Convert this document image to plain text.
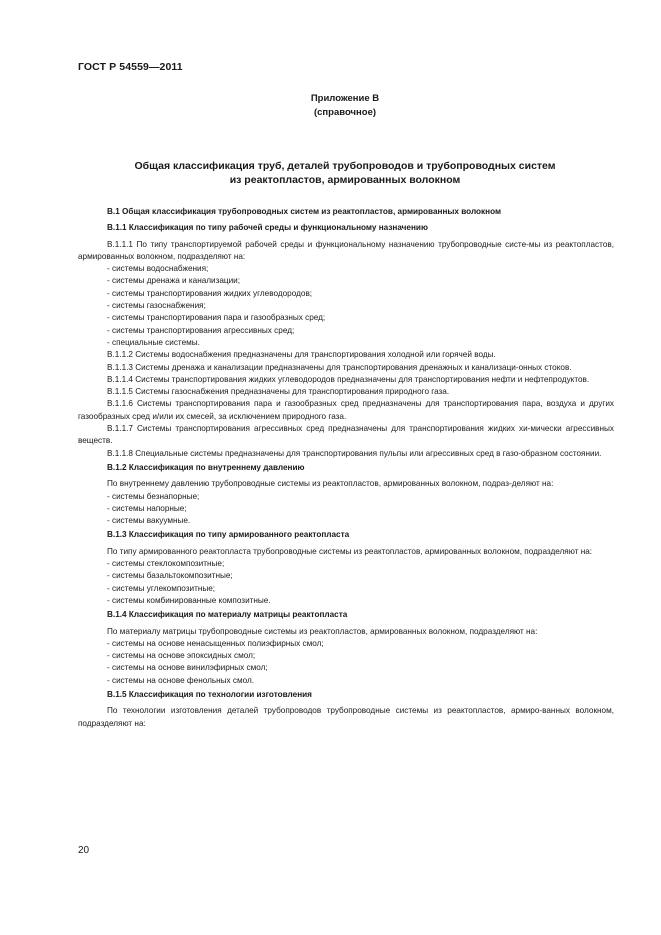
ГОСТ Р 54559—2011
Приложение В
(справочное)
Общая классификация труб, деталей трубопроводов и трубопроводных систем
из реактопластов, армированных волокном

В.1 Общая классификация трубопроводных систем из реактопластов, армированных волокном

В.1.1 Классификация по типу рабочей среды и функциональному назначению

В.1.1.1 По типу транспортируемой рабочей среды и функциональному назначению трубопроводные систе-мы из реактопластов, армированных волокном, подразделяют на:

- системы водоснабжения;

- системы дренажа и канализации;

- системы транспортирования жидких углеводородов;

- системы газоснабжения;

- системы транспортирования пара и газообразных сред;

- системы транспортирования агрессивных сред;

- специальные системы.

В.1.1.2 Системы водоснабжения предназначены для транспортирования холодной или горячей воды.

В.1.1.3 Системы дренажа и канализации предназначены для транспортирования дренажных и канализаци-онных стоков.

В.1.1.4 Системы транспортирования жидких углеводородов предназначены для транспортирования нефти и нефтепродуктов.

В.1.1.5 Системы газоснабжения предназначены для транспортирования природного газа.

В.1.1.6 Системы транспортирования пара и газообразных сред предназначены для транспортирования пара, воздуха и других газообразных сред и/или их смесей, за исключением природного газа.

В.1.1.7 Системы транспортирования агрессивных сред предназначены для транспортирования жидких хи-мически агрессивных веществ.

В.1.1.8 Специальные системы предназначены для транспортирования пульпы или агрессивных сред в газо-образном состоянии.

В.1.2 Классификация по внутреннему давлению

По внутреннему давлению трубопроводные системы из реактопластов, армированных волокном, подраз-деляют на:

- системы безнапорные;

- системы напорные;

- системы вакуумные.

В.1.3 Классификация по типу армированного реактопласта

По типу армированного реактопласта трубопроводные системы из реактопластов, армированных волокном, подразделяют на:

- системы стеклокомпозитные;

- системы базальтокомпозитные;

- системы углекомпозитные;

- системы комбинированные композитные.

В.1.4 Классификация по материалу матрицы реактопласта

По материалу матрицы трубопроводные системы из реактопластов, армированных волокном, подразделяют на:

- системы на основе ненасыщенных полиэфирных смол;

- системы на основе эпоксидных смол;

- системы на основе винилэфирных смол;

- системы на основе фенольных смол.

В.1.5 Классификация по технологии изготовления

По технологии изготовления деталей трубопроводов трубопроводные системы из реактопластов, армиро-ванных волокном, подразделяют на:

20
